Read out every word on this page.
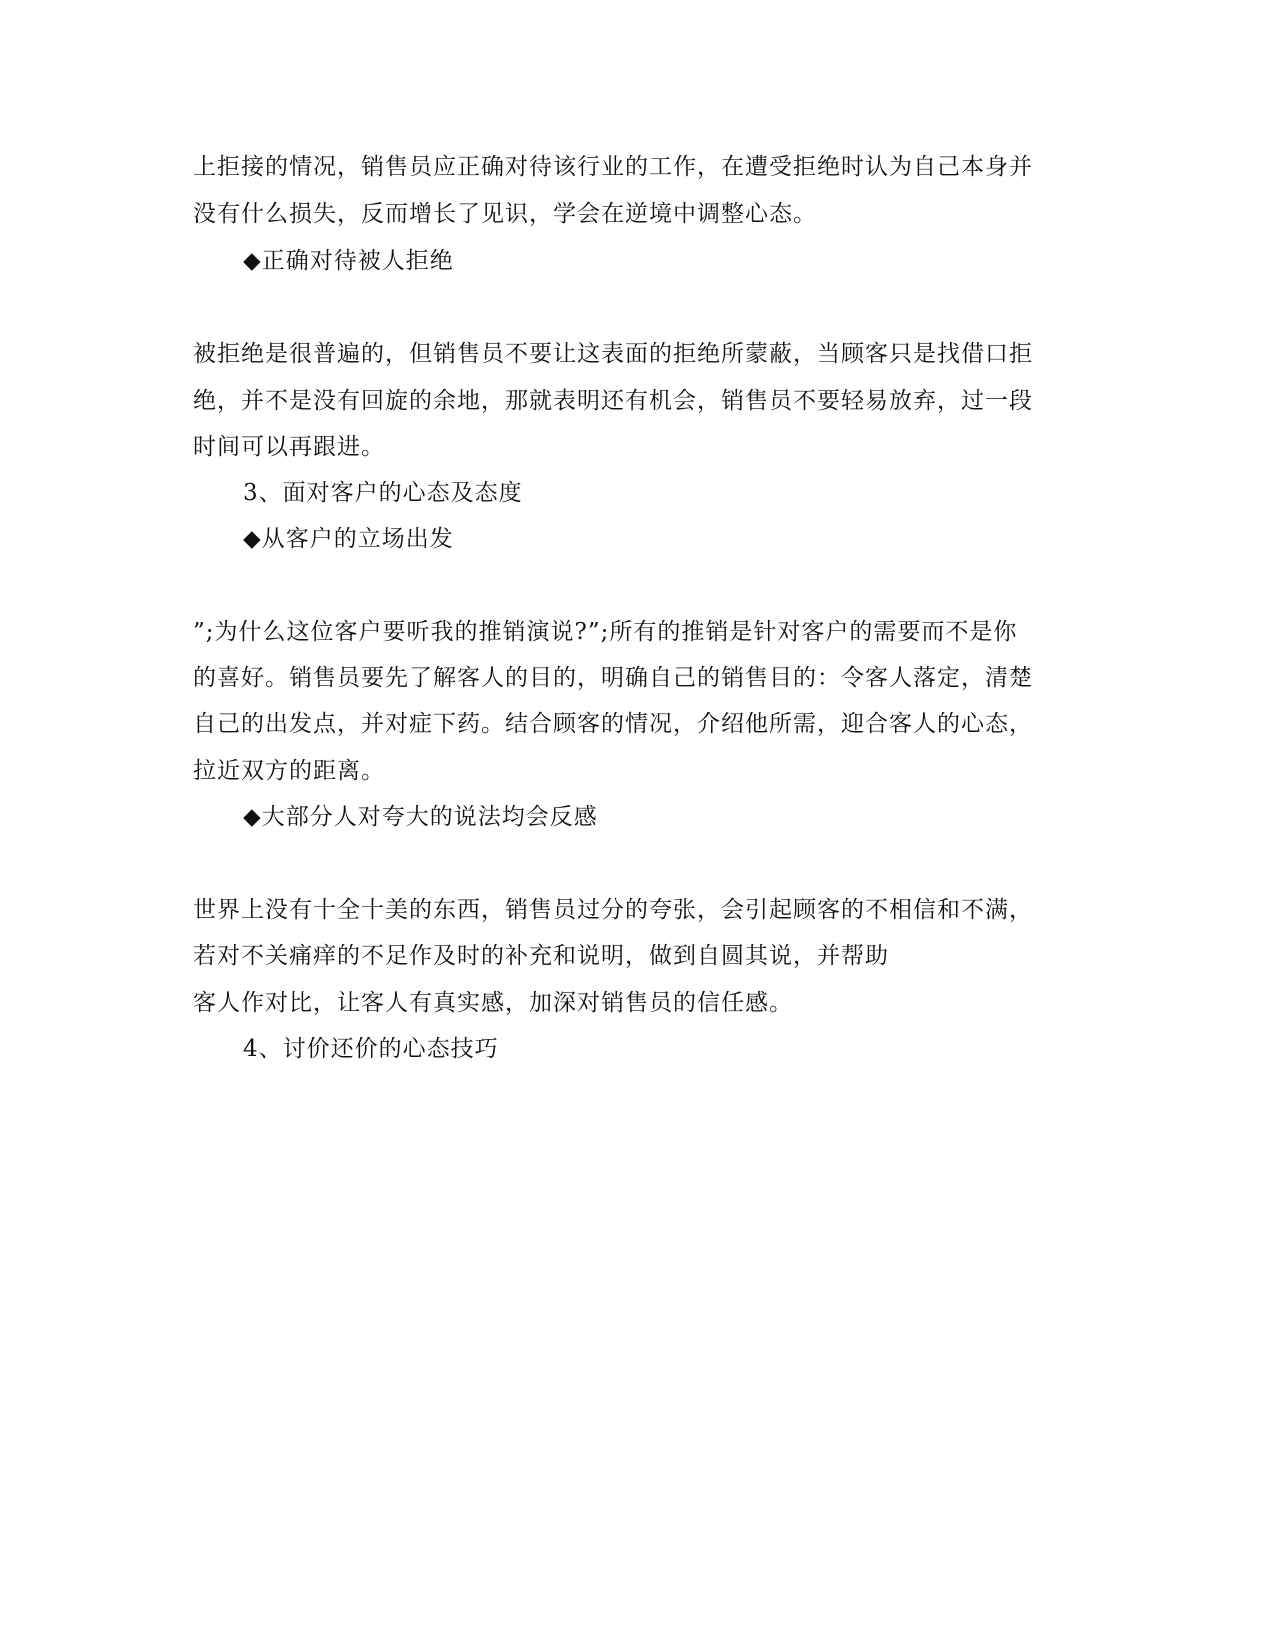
上拒接的情况，销售员应正确对待该行业的工作，在遭受拒绝时认为自己本身并
没有什么损失，反而增长了见识，学会在逆境中调整心态。
◆正确对待被人拒绝
被拒绝是很普遍的，但销售员不要让这表面的拒绝所蒙蔽，当顾客只是找借口拒
绝，并不是没有回旋的余地，那就表明还有机会，销售员不要轻易放弃，过一段
时间可以再跟进。
3、面对客户的心态及态度
◆从客户的立场出发
”;为什么这位客户要听我的推销演说?”;所有的推销是针对客户的需要而不是你
的喜好。销售员要先了解客人的目的，明确自己的销售目的：令客人落定，清楚
自己的出发点，并对症下药。结合顾客的情况，介绍他所需，迎合客人的心态，
拉近双方的距离。
◆大部分人对夸大的说法均会反感
世界上没有十全十美的东西，销售员过分的夸张，会引起顾客的不相信和不满，
若对不关痛痒的不足作及时的补充和说明，做到自圆其说，并帮助
客人作对比，让客人有真实感，加深对销售员的信任感。
4、讨价还价的心态技巧
